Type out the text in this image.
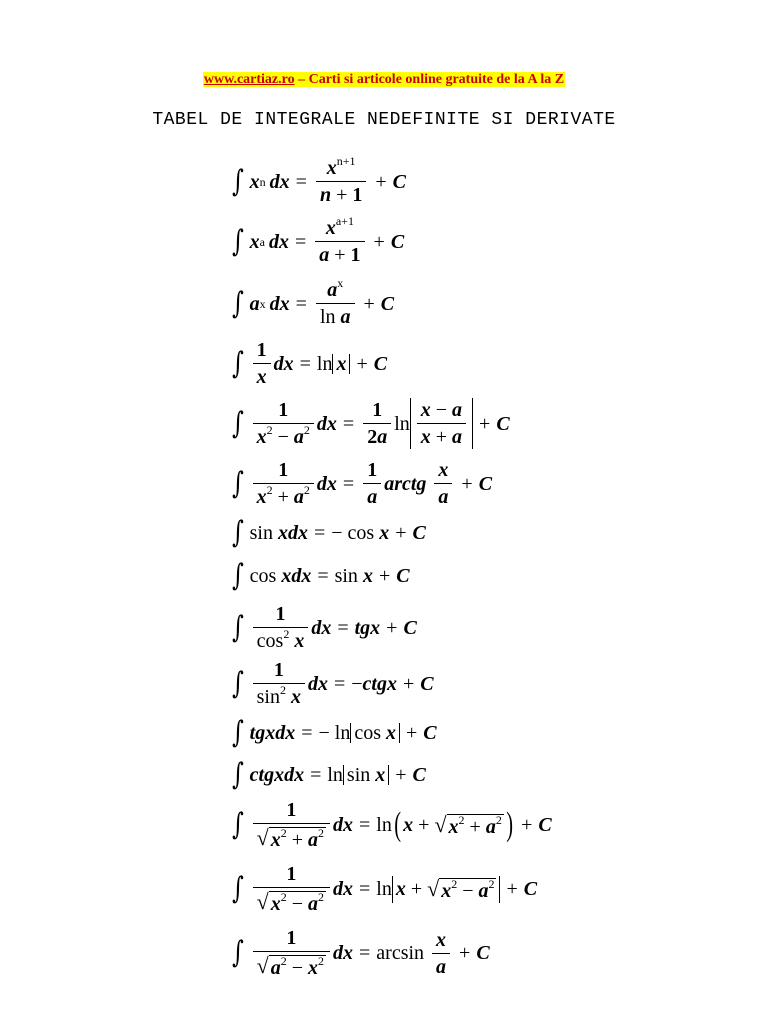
www.cartiaz.ro – Carti si articole online gratuite de la A la Z
TABEL DE INTEGRALE NEDEFINITE SI DERIVATE
∫ x n
  dx = $\frac{x^{n+1}}{n + 1} + C$
∫ x a
  dx = $\frac{x^{a+1}}{a + 1} + C$
∫ a x
  dx = $\frac{a^x}{\text{ln a}} + C$
∫ $\frac{1}{x}$ dx = ln x + C
∫ $\frac{1}{x^2 - a^2}$ dx = $\frac{1}{2a}$ $\ln \frac{x - a}{x + a} + C$
∫ $\frac{1}{x^2 + a^2}$ dx = $\frac{1}{a}$ arctg
$\frac{x}{a} + C$
∫ sin xdx = − cos x + C
∫ cos xdx = sin x + C
∫ $\frac{1}{\cos^2 x}$ dx = tgx + C
∫ $\frac{1}{\sin^2 x}$ dx = − ctgx + C
∫ tgxdx = − ln cos x + C
∫ ctgxdx = ln sin x + C
∫ $\frac{1}{√ x^2 + a^2}$ dx = ln ( x + √ $x^2 + a^2$ ) + C
∫ $\frac{1}{√ x^2 - a^2}$ dx = ln x + √ $x^2 - a^2 + C$
∫ $\frac{1}{√ a^2 - x^2}$ dx = $\arcsin \frac{x}{a} + C$
